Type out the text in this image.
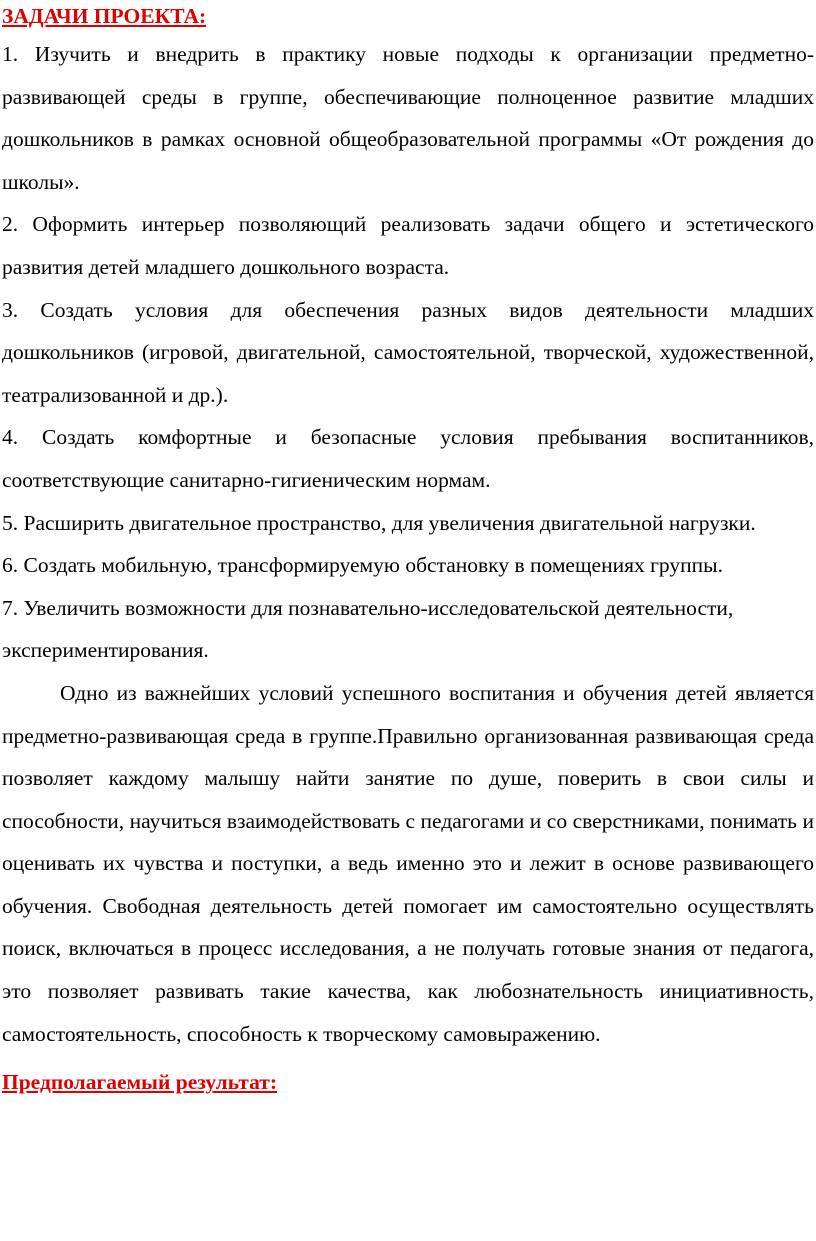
ЗАДАЧИ ПРОЕКТА:

1. Изучить и внедрить в практику новые подходы к организации предметно-развивающей среды в группе, обеспечивающие полноценное развитие младших дошкольников в рамках основной общеобразовательной программы «От рождения до школы».

2. Оформить интерьер позволяющий реализовать задачи общего и эстетического развития детей младшего дошкольного возраста.

3. Создать условия для обеспечения разных видов деятельности младших дошкольников (игровой, двигательной, самостоятельной, творческой, художественной, театрализованной и др.).

4. Создать комфортные и безопасные условия пребывания воспитанников, соответствующие санитарно-гигиеническим нормам.

5. Расширить двигательное пространство, для увеличения двигательной нагрузки.

6. Создать мобильную, трансформируемую обстановку в помещениях группы.

7. Увеличить возможности для познавательно-исследовательской деятельности, экспериментирования.

Одно из важнейших условий успешного воспитания и обучения детей является предметно-развивающая среда в группе.Правильно организованная развивающая среда позволяет каждому малышу найти занятие по душе, поверить в свои силы и способности, научиться взаимодействовать с педагогами и со сверстниками, понимать и оценивать их чувства и поступки, а ведь именно это и лежит в основе развивающего обучения. Свободная деятельность детей помогает им самостоятельно осуществлять поиск, включаться в процесс исследования, а не получать готовые знания от педагога, это позволяет развивать такие качества, как любознательность инициативность, самостоятельность, способность к творческому самовыражению.

Предполагаемый результат:
